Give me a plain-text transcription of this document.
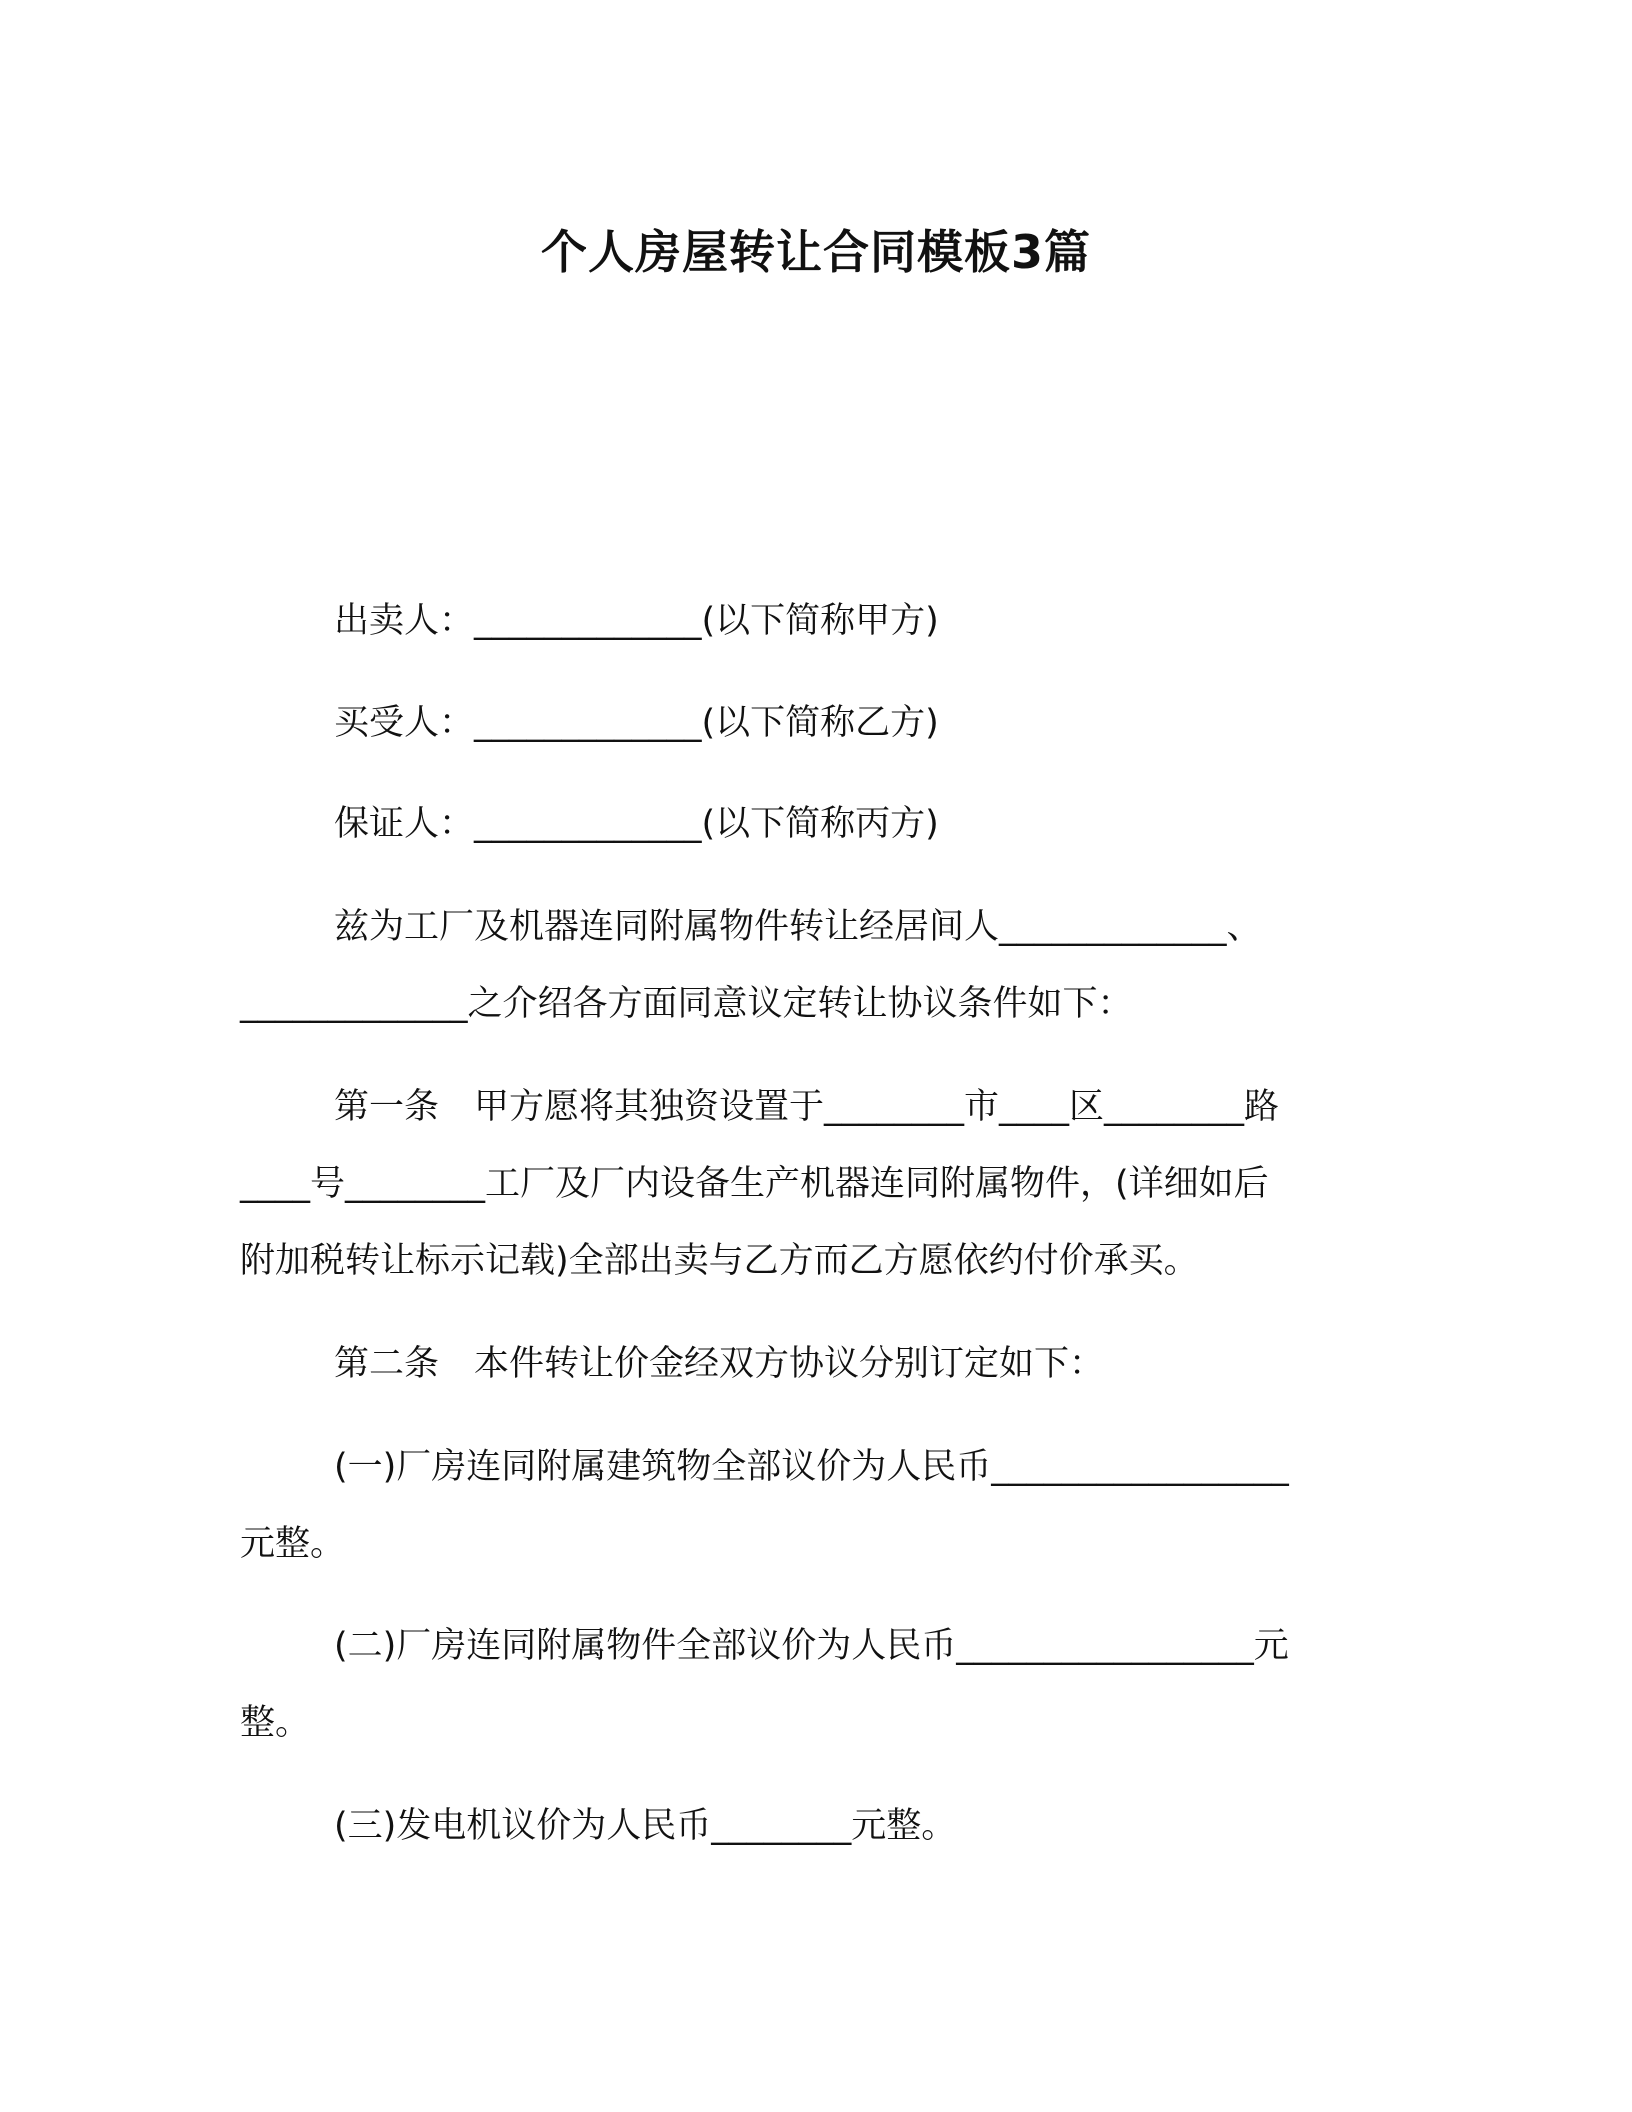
个人房屋转让合同模板3篇
出卖人：_____________(以下简称甲方)
买受人：_____________(以下简称乙方)
保证人：_____________(以下简称丙方)
兹为工厂及机器连同附属物件转让经居间人_____________、
_____________之介绍各方面同意议定转让协议条件如下：
第一条　甲方愿将其独资设置于________市____区________路
____号________工厂及厂内设备生产机器连同附属物件，(详细如后
附加税转让标示记载)全部出卖与乙方而乙方愿依约付价承买。
第二条　本件转让价金经双方协议分别订定如下：
(一)厂房连同附属建筑物全部议价为人民币_________________
元整。
(二)厂房连同附属物件全部议价为人民币_________________元
整。
(三)发电机议价为人民币________元整。
